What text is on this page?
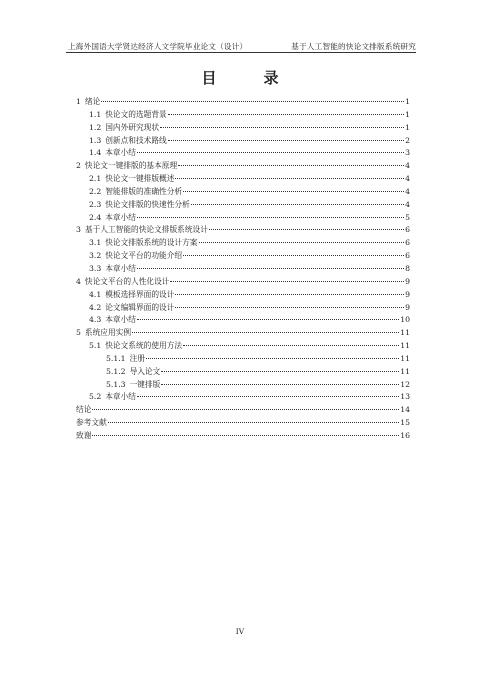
上海外国语大学贤达经济人文学院毕业论文（设计）	基于人工智能的快论文排版系统研究
目　录
1 绪论	1
1.1 快论文的选题背景	1
1.2 国内外研究现状	1
1.3 创新点和技术路线	2
1.4 本章小结	3
2 快论文一键排版的基本原理	4
2.1 快论文一键排版概述	4
2.2 智能排版的准确性分析	4
2.3 快论文排版的快速性分析	4
2.4 本章小结	5
3 基于人工智能的快论文排版系统设计	6
3.1 快论文排版系统的设计方案	6
3.2 快论文平台的功能介绍	6
3.3 本章小结	8
4 快论文平台的人性化设计	9
4.1 模板选择界面的设计	9
4.2 论文编辑界面的设计	9
4.3 本章小结	10
5 系统应用实例	11
5.1 快论文系统的使用方法	11
5.1.1 注册	11
5.1.2 导入论文	11
5.1.3 一键排版	12
5.2 本章小结	13
结论	14
参考文献	15
致谢	16
IV
